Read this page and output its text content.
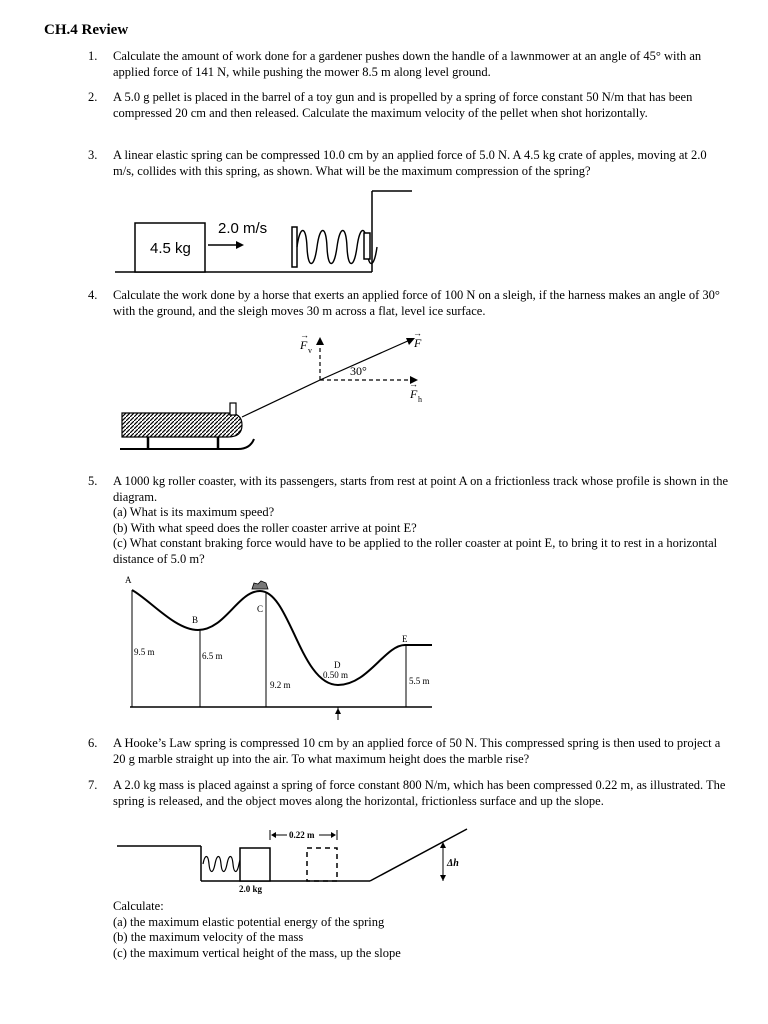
CH.4 Review
1. Calculate the amount of work done for a gardener pushes down the handle of a lawnmower at an angle of 45° with an applied force of 141 N, while pushing the mower 8.5 m along level ground.
2. A 5.0 g pellet is placed in the barrel of a toy gun and is propelled by a spring of force constant 50 N/m that has been compressed 20 cm and then released. Calculate the maximum velocity of the pellet when shot horizontally.
3. A linear elastic spring can be compressed 10.0 cm by an applied force of 5.0 N. A 4.5 kg crate of apples, moving at 2.0 m/s, collides with this spring, as shown. What will be the maximum compression of the spring?
4.5 kg
2.0 m/s
4. Calculate the work done by a horse that exerts an applied force of 100 N on a sleigh, if the harness makes an angle of 30° with the ground, and the sleigh moves 30 m across a flat, level ice surface.
F v
→
F
→
30°
F h
→
5. A 1000 kg roller coaster, with its passengers, starts from rest at point A on a frictionless track whose profile is shown in the diagram.
(a) What is its maximum speed?
(b) With what speed does the roller coaster arrive at point E?
(c) What constant braking force would have to be applied to the roller coaster at point E, to bring it to rest in a horizontal distance of 5.0 m?
A
B
C
D
E
9.5 m	6.5 m
9.2 m
0.50 m
5.5 m
6. A Hooke’s Law spring is compressed 10 cm by an applied force of 50 N. This compressed spring is then used to project a 20 g marble straight up into the air. To what maximum height does the marble rise?
7. A 2.0 kg mass is placed against a spring of force constant 800 N/m, which has been compressed 0.22 m, as illustrated. The spring is released, and the object moves along the horizontal, frictionless surface and up the slope.
2.0 kg
0.22 m
Δh
Calculate:
(a) the maximum elastic potential energy of the spring
(b) the maximum velocity of the mass
(c) the maximum vertical height of the mass, up the slope
